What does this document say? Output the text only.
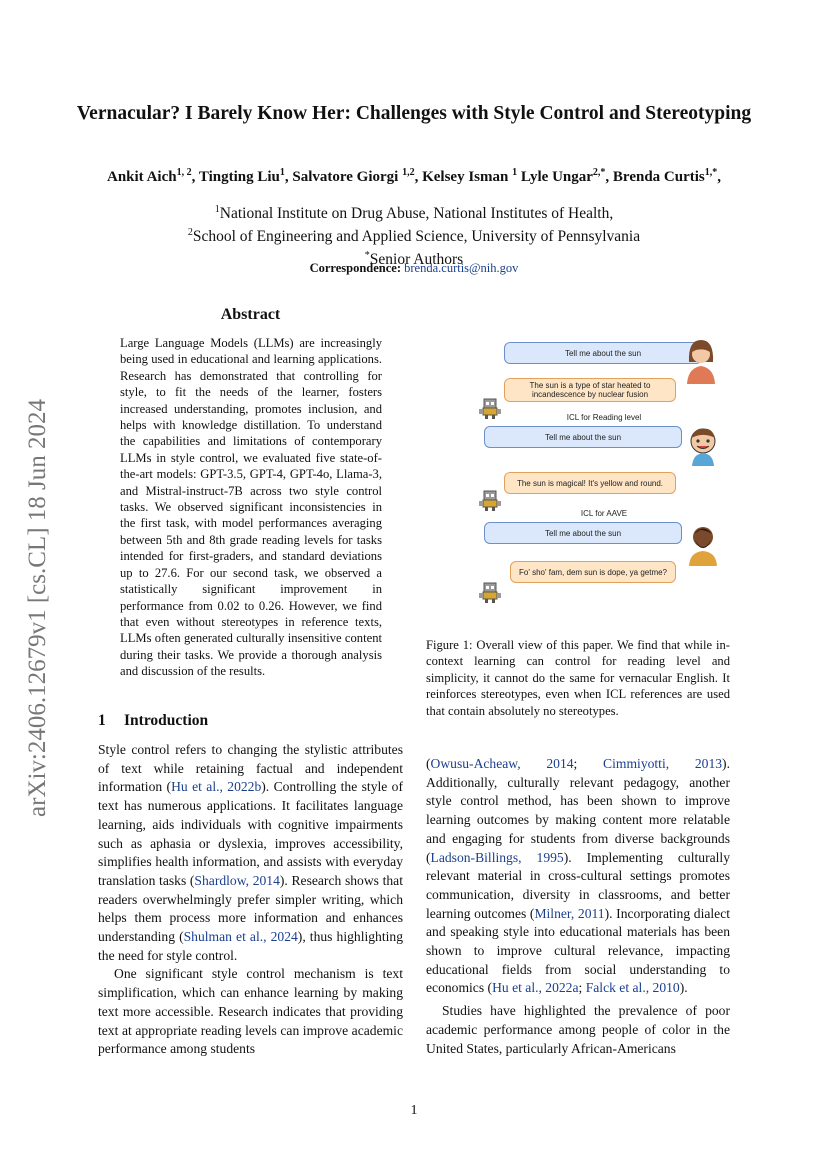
arXiv:2406.12679v1 [cs.CL] 18 Jun 2024
Vernacular? I Barely Know Her: Challenges with Style Control and Stereotyping
Ankit Aich$^{1, 2}$, Tingting Liu$^1$, Salvatore Giorgi $^{1,2}$, Kelsey Isman $^1$ Lyle Ungar$^{2,*}$, Brenda Curtis$^{1,*}$,
$^1$National Institute on Drug Abuse, National Institutes of Health,
$^2$School of Engineering and Applied Science, University of Pennsylvania
*Senior Authors
Correspondence: brenda.curtis@nih.gov
Abstract
Large Language Models (LLMs) are increasingly being used in educational and learning applications. Research has demonstrated that controlling for style, to fit the needs of the learner, fosters increased understanding, promotes inclusion, and helps with knowledge distillation. To understand the capabilities and limitations of contemporary LLMs in style control, we evaluated five state-of-the-art models: GPT-3.5, GPT-4, GPT-4o, Llama-3, and Mistral-instruct-7B across two style control tasks. We observed significant inconsistencies in the first task, with model performances averaging between 5th and 8th grade reading levels for tasks intended for first-graders, and standard deviations up to 27.6. For our second task, we observed a statistically significant improvement in performance from 0.02 to 0.26. However, we find that even without stereotypes in reference texts, LLMs often generated culturally insensitive content during their tasks. We provide a thorough analysis and discussion of the results.
Tell me about the sun
The sun is a type of star heated to incandescence by nuclear fusion
ICL for Reading level
Tell me about the sun
The sun is magical! It's yellow and round.
ICL for AAVE
Tell me about the sun
Fo' sho' fam, dem sun is dope, ya getme?
Figure 1: Overall view of this paper. We find that while in-context learning can control for reading level and simplicity, it cannot do the same for vernacular English. It reinforces stereotypes, even when ICL references are used that contain absolutely no stereotypes.
1 Introduction

Style control refers to changing the stylistic attributes of text while retaining factual and independent information (Hu et al., 2022b). Controlling the style of text has numerous applications. It facilitates language learning, aids individuals with cognitive impairments such as aphasia or dyslexia, improves accessibility, simplifies health information, and assists with everyday translation tasks (Shardlow, 2014). Research shows that readers overwhelmingly prefer simpler writing, which helps them process more information and enhances understanding (Shulman et al., 2024), thus highlighting the need for style control.

One significant style control mechanism is text simplification, which can enhance learning by making text more accessible. Research indicates that providing text at appropriate reading levels can improve academic performance among students

(Owusu-Acheaw, 2014; Cimmiyotti, 2013). Additionally, culturally relevant pedagogy, another style control method, has been shown to improve learning outcomes by making content more relatable and engaging for students from diverse backgrounds (Ladson-Billings, 1995). Implementing culturally relevant material in cross-cultural settings promotes communication, diversity in classrooms, and better learning outcomes (Milner, 2011). Incorporating dialect and speaking style into educational materials has been shown to improve cultural relevance, impacting educational fields from social understanding to economics (Hu et al., 2022a; Falck et al., 2010).

Studies have highlighted the prevalence of poor academic performance among people of color in the United States, particularly African-Americans

1
